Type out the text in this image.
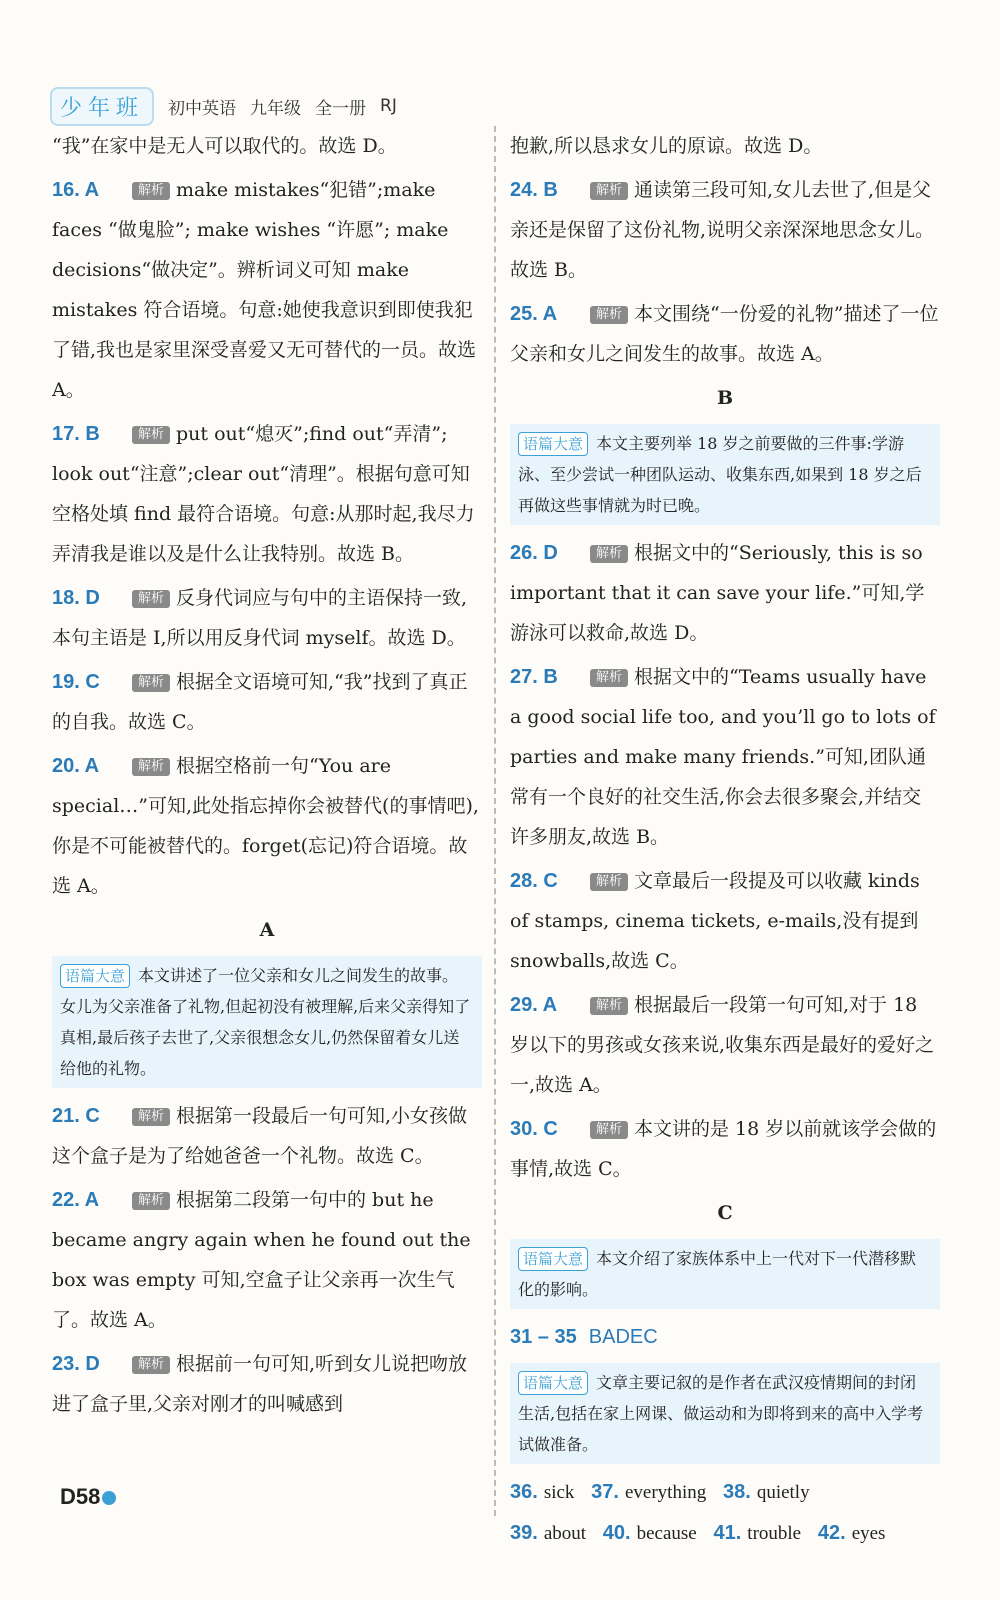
少年班	初中英语 九年级 全一册 RJ
“我”在家中是无人可以取代的。故选 D。
16. A	解析 make mistakes“犯错”;make faces “做鬼脸”; make wishes “许愿”; make decisions“做决定”。辨析词义可知 make mistakes 符合语境。句意:她使我意识到即使我犯了错,我也是家里深受喜爱又无可替代的一员。故选 A。
17. B	解析 put out“熄灭”;find out“弄清”; look out“注意”;clear out“清理”。根据句意可知空格处填 find 最符合语境。句意:从那时起,我尽力弄清我是谁以及是什么让我特别。故选 B。
18. D	解析 反身代词应与句中的主语保持一致,本句主语是 I,所以用反身代词 myself。故选 D。
19. C	解析 根据全文语境可知,“我”找到了真正的自我。故选 C。
20. A	解析 根据空格前一句“You are special…”可知,此处指忘掉你会被替代(的事情吧),你是不可能被替代的。forget(忘记)符合语境。故选 A。
A
语篇大意 本文讲述了一位父亲和女儿之间发生的故事。女儿为父亲准备了礼物,但起初没有被理解,后来父亲得知了真相,最后孩子去世了,父亲很想念女儿,仍然保留着女儿送给他的礼物。
21. C	解析 根据第一段最后一句可知,小女孩做这个盒子是为了给她爸爸一个礼物。故选 C。
22. A	解析 根据第二段第一句中的 but he became angry again when he found out the box was empty 可知,空盒子让父亲再一次生气了。故选 A。
23. D	解析 根据前一句可知,听到女儿说把吻放进了盒子里,父亲对刚才的叫喊感到
抱歉,所以恳求女儿的原谅。故选 D。
24. B	解析 通读第三段可知,女儿去世了,但是父亲还是保留了这份礼物,说明父亲深深地思念女儿。故选 B。
25. A	解析 本文围绕“一份爱的礼物”描述了一位父亲和女儿之间发生的故事。故选 A。
B
语篇大意 本文主要列举 18 岁之前要做的三件事:学游泳、至少尝试一种团队运动、收集东西,如果到 18 岁之后再做这些事情就为时已晚。
26. D	解析 根据文中的“Seriously, this is so important that it can save your life.”可知,学游泳可以救命,故选 D。
27. B	解析 根据文中的“Teams usually have a good social life too, and you’ll go to lots of parties and make many friends.”可知,团队通常有一个良好的社交生活,你会去很多聚会,并结交许多朋友,故选 B。
28. C	解析 文章最后一段提及可以收藏 kinds of stamps, cinema tickets, e-mails,没有提到 snowballs,故选 C。
29. A	解析 根据最后一段第一句可知,对于 18 岁以下的男孩或女孩来说,收集东西是最好的爱好之一,故选 A。
30. C	解析 本文讲的是 18 岁以前就该学会做的事情,故选 C。
C
语篇大意 本文介绍了家族体系中上一代对下一代潜移默化的影响。
31 – 35 BADEC
语篇大意 文章主要记叙的是作者在武汉疫情期间的封闭生活,包括在家上网课、做运动和为即将到来的高中入学考试做准备。
36. sick 37. everything 38. quietly
39. about 40. because 41. trouble 42. eyes
D58
